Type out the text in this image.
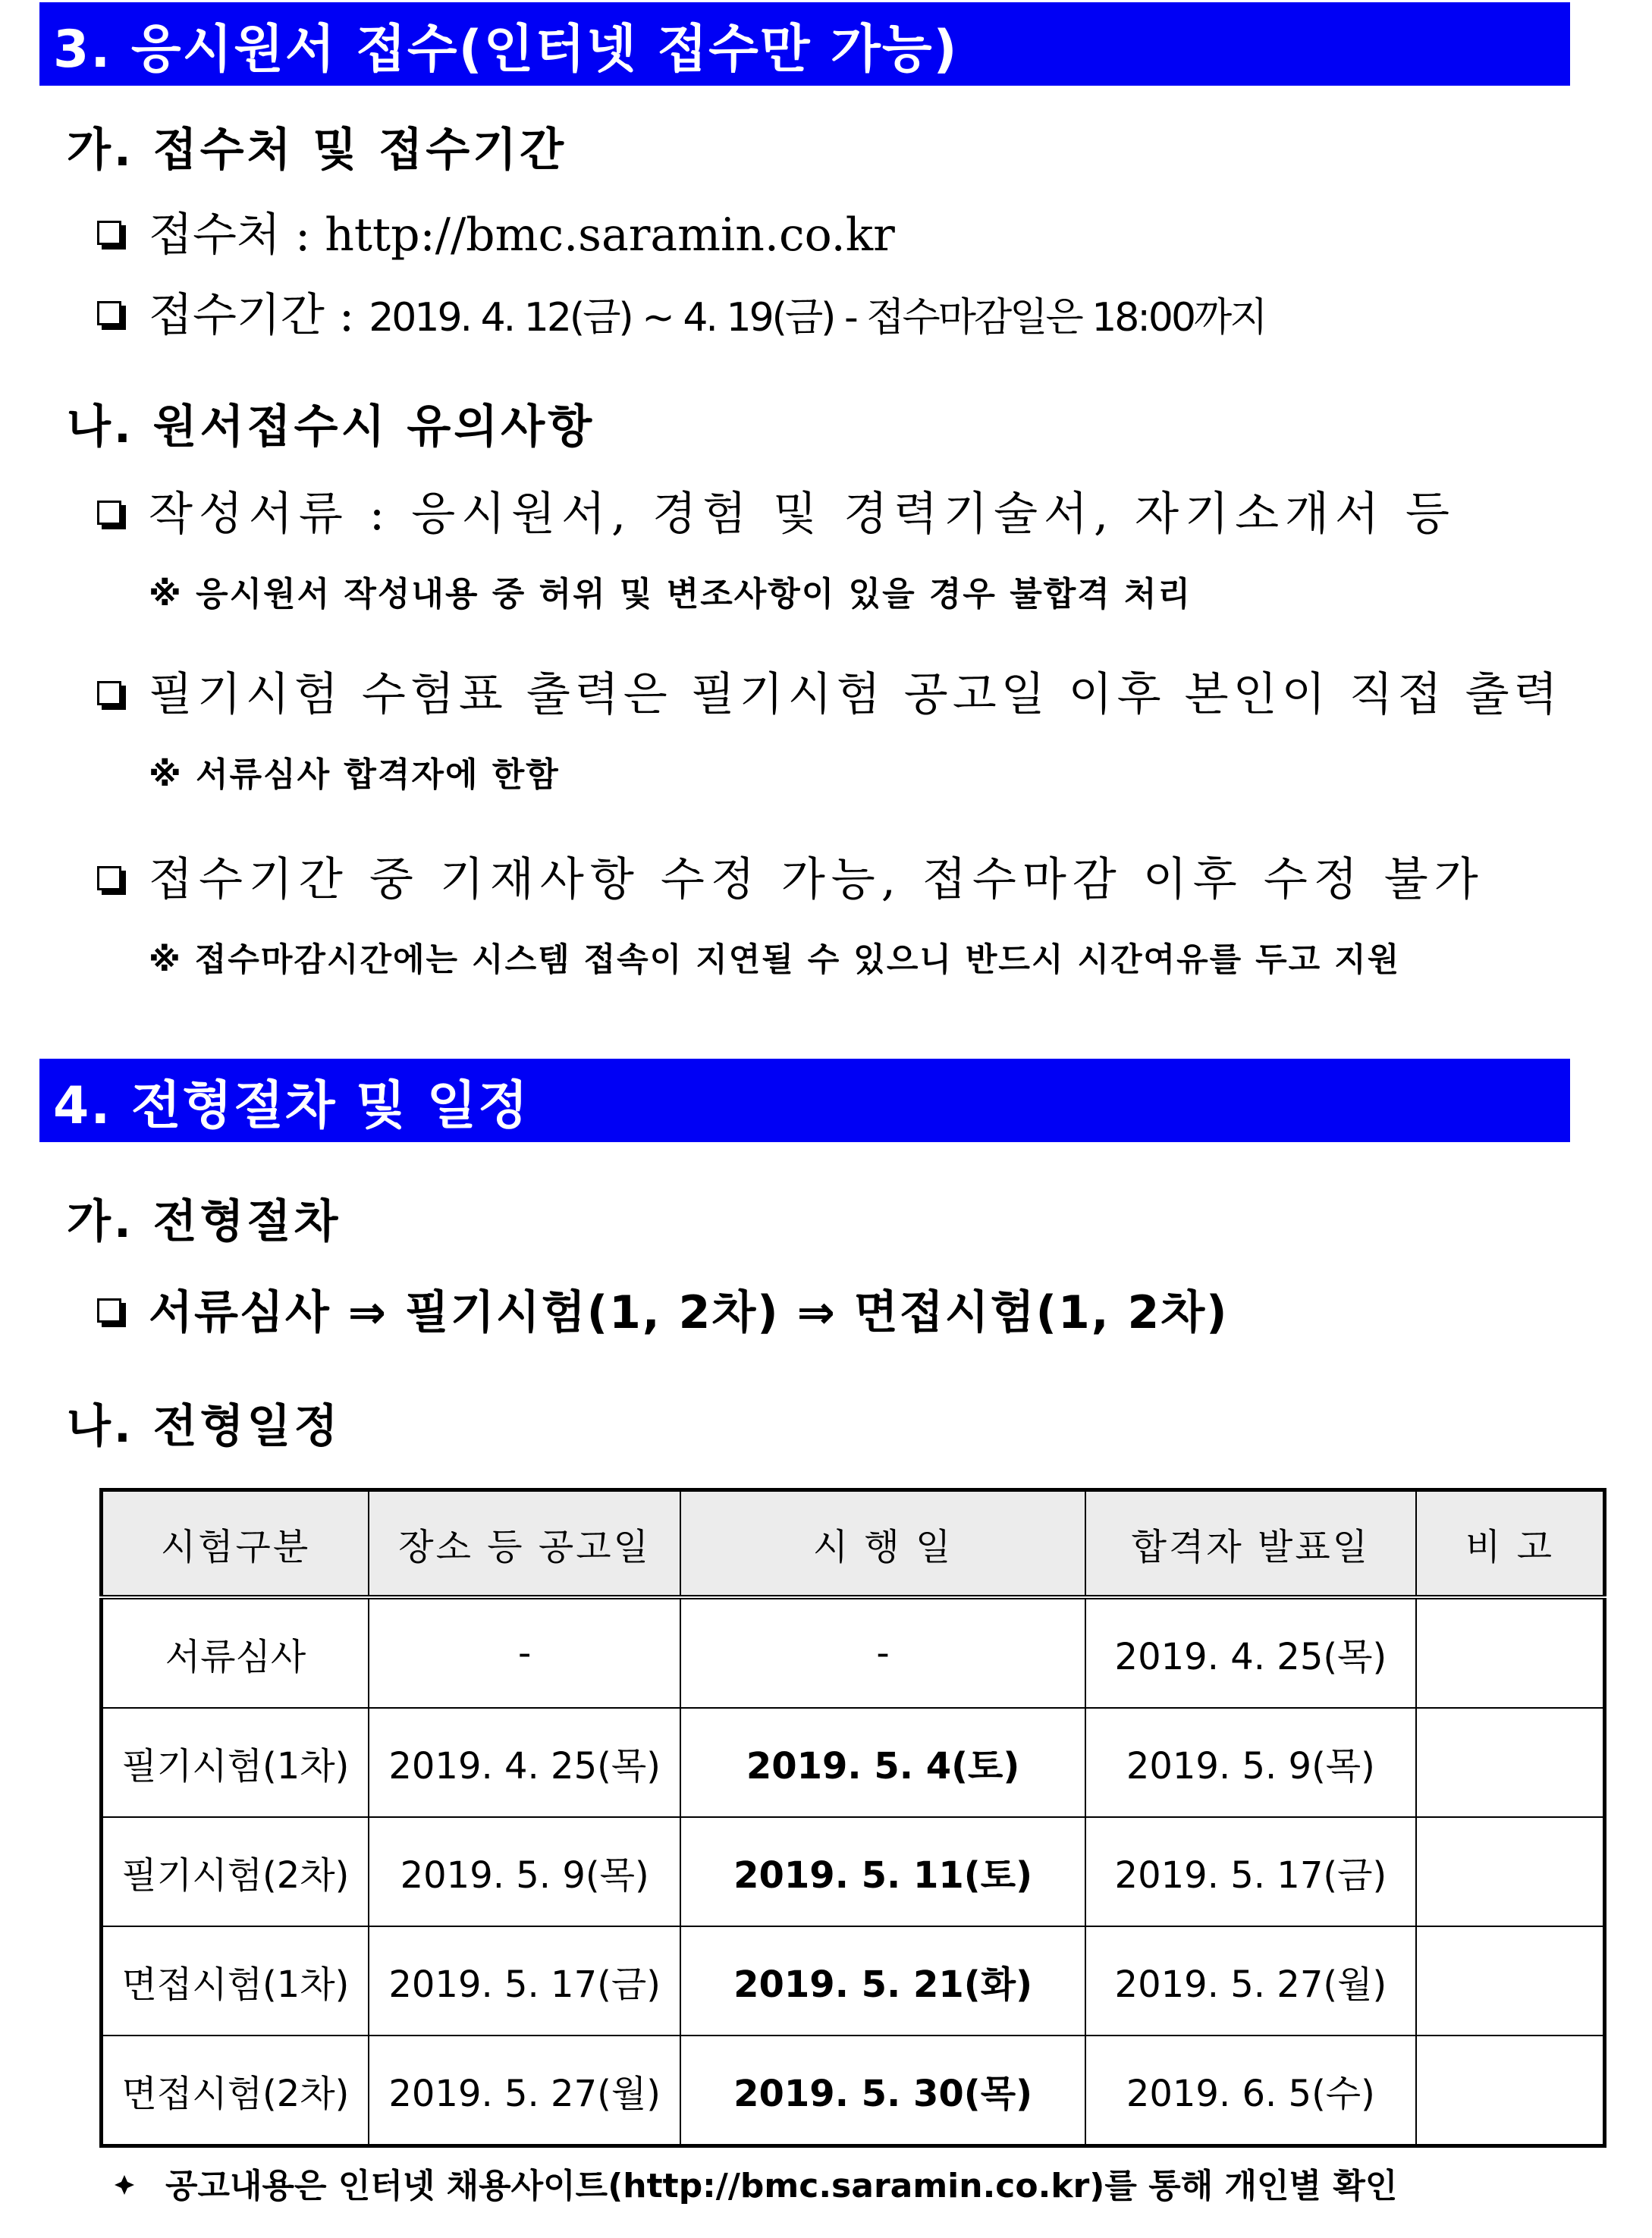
3. 응시원서 접수(인터넷 접수만 가능)
가. 접수처 및 접수기간
접수처 : http://bmc.saramin.co.kr
접수기간 : 2019. 4. 12(금) ~ 4. 19(금) - 접수마감일은 18:00까지
나. 원서접수시 유의사항
작성서류 : 응시원서, 경험 및 경력기술서, 자기소개서 등
※ 응시원서 작성내용 중 허위 및 변조사항이 있을 경우 불합격 처리
필기시험 수험표 출력은 필기시험 공고일 이후 본인이 직접 출력
※ 서류심사 합격자에 한함
접수기간 중 기재사항 수정 가능, 접수마감 이후 수정 불가
※ 접수마감시간에는 시스템 접속이 지연될 수 있으니 반드시 시간여유를 두고 지원
4. 전형절차 및 일정
가. 전형절차
서류심사 ⇒ 필기시험(1, 2차) ⇒ 면접시험(1, 2차)
나. 전형일정
시험구분	장소 등 공고일	시 행 일	합격자 발표일	비 고
서류심사	-	-	2019. 4. 25(목)	
필기시험(1차)	2019. 4. 25(목)	2019. 5. 4(토)	2019. 5. 9(목)	
필기시험(2차)	2019. 5. 9(목)	2019. 5. 11(토)	2019. 5. 17(금)	
면접시험(1차)	2019. 5. 17(금)	2019. 5. 21(화)	2019. 5. 27(월)	
면접시험(2차)	2019. 5. 27(월)	2019. 5. 30(목)	2019. 6. 5(수)	
공고내용은 인터넷 채용사이트(http://bmc.saramin.co.kr)를 통해 개인별 확인
